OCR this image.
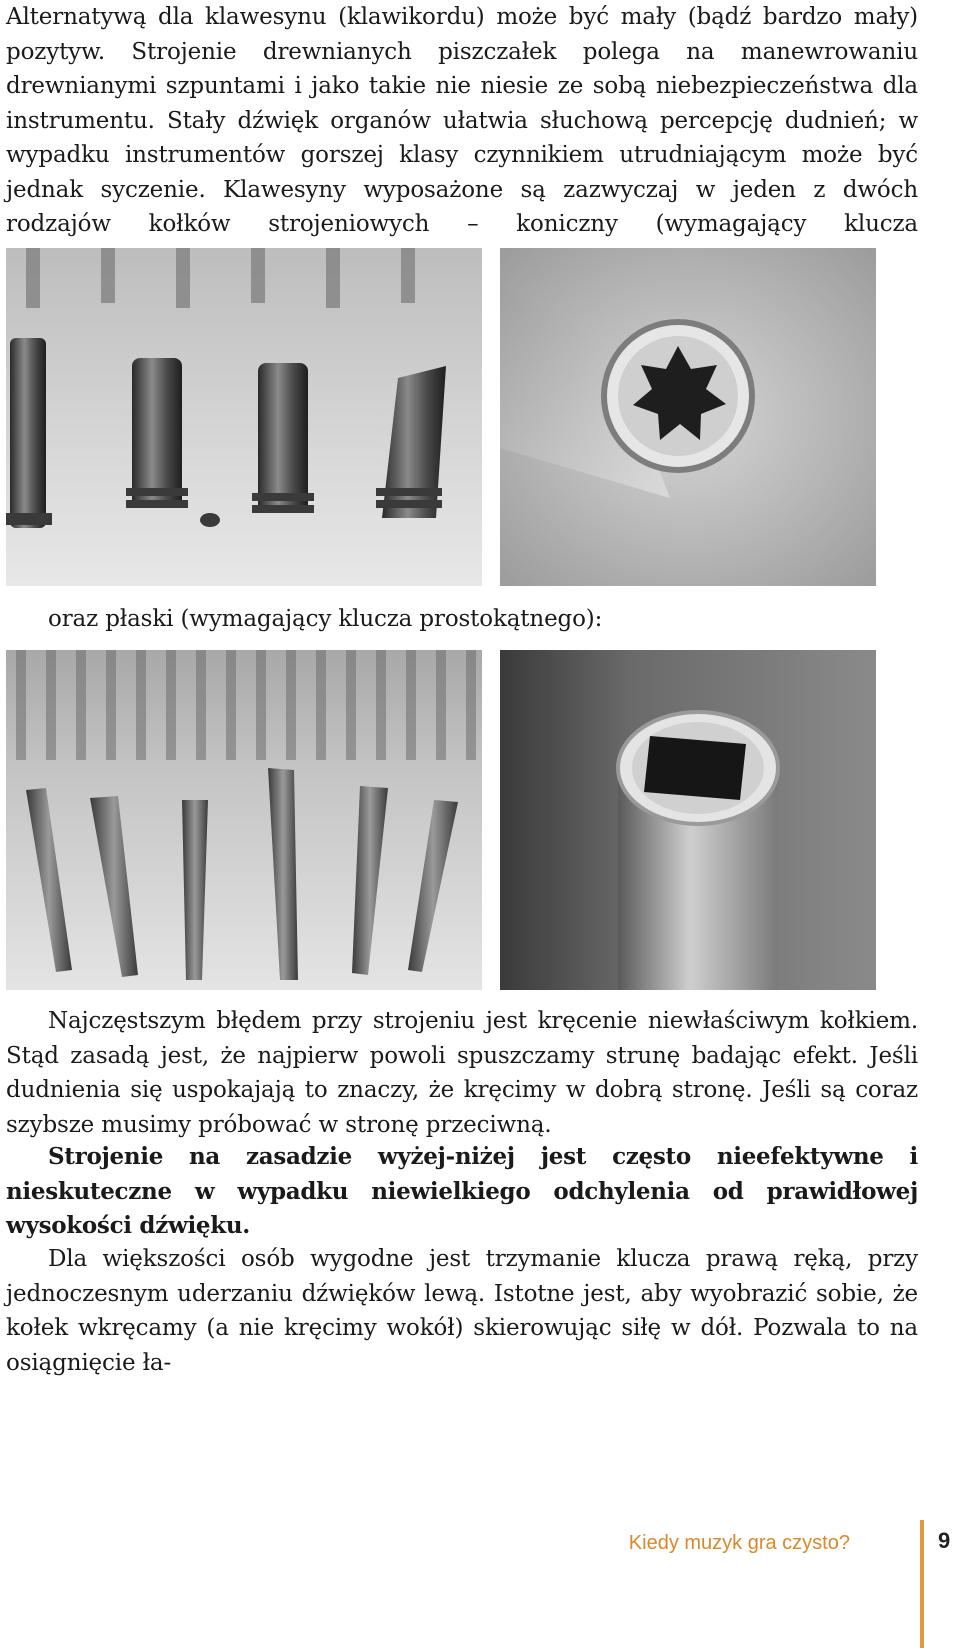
Alternatywą dla klawesynu (klawikordu) może być mały (bądź bardzo mały) pozytyw. Strojenie drewnianych piszczałek polega na manewrowaniu drewnianymi szpuntami i jako takie nie niesie ze sobą niebezpieczeństwa dla instrumentu. Stały dźwięk organów ułatwia słuchową percepcję dudnień; w wypadku instrumentów gorszej klasy czynnikiem utrudniającym może być jednak syczenie. Klawesyny wyposażone są zazwyczaj w jeden z dwóch rodzajów kołków strojeniowych – koniczny (wymagający klucza

oraz płaski (wymagający klucza prostokątnego):

Najczęstszym błędem przy strojeniu jest kręcenie niewłaściwym kołkiem. Stąd zasadą jest, że najpierw powoli spuszczamy strunę badając efekt. Jeśli dudnienia się uspokajają to znaczy, że kręcimy w dobrą stronę. Jeśli są coraz szybsze musimy próbować w stronę przeciwną.

Strojenie na zasadzie wyżej-niżej jest często nieefektywne i nieskuteczne w wypadku niewielkiego odchylenia od prawidłowej wysokości dźwięku.

Dla większości osób wygodne jest trzymanie klucza prawą ręką, przy jednoczesnym uderzaniu dźwięków lewą. Istotne jest, aby wyobrazić sobie, że kołek wkręcamy (a nie kręcimy wokół) skierowując siłę w dół. Pozwala to na osiągnięcie ła-

Kiedy muzyk gra czysto?	9
